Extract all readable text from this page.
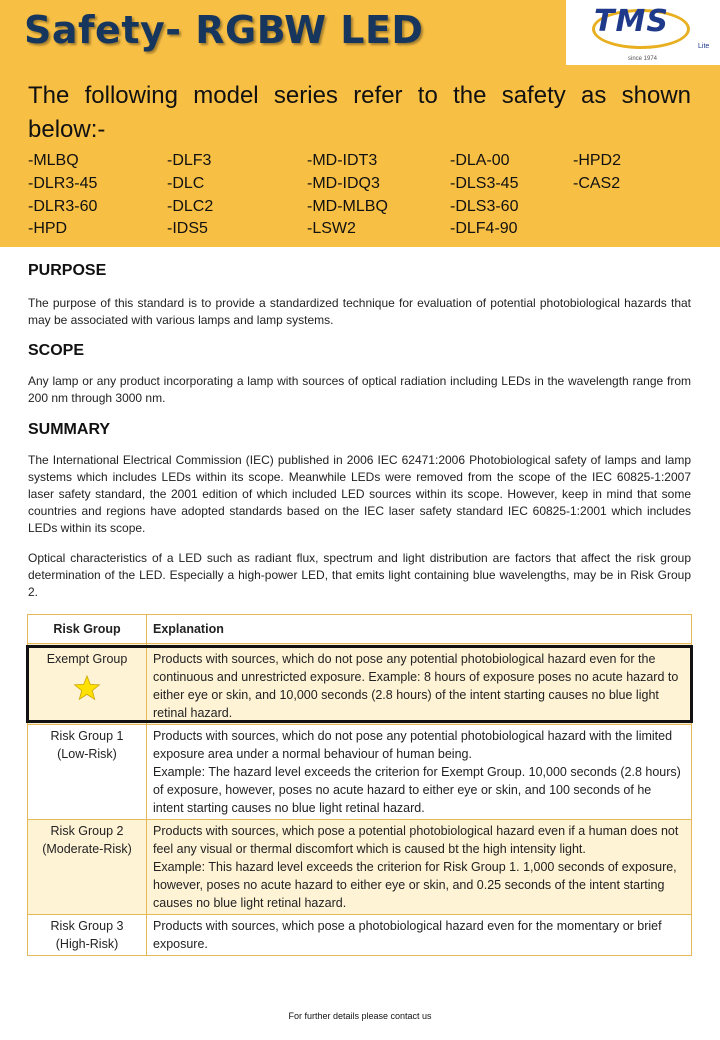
Safety- RGBW LED	TMS
Lite
since 1974
The following model series refer to the safety as shown
below:-
-MLBQ	-DLF3	-MD-IDT3	-DLA-00	-HPD2
-DLR3-45	-DLC	-MD-IDQ3	-DLS3-45	-CAS2
-DLR3-60	-DLC2	-MD-MLBQ	-DLS3-60
-HPD	-IDS5	-LSW2	-DLF4-90
PURPOSE

The purpose of this standard is to provide a standardized technique for evaluation of potential photobiological hazards that may be associated with various lamps and lamp systems.

SCOPE

Any lamp or any product incorporating a lamp with sources of optical radiation including LEDs in the wavelength range from 200 nm through 3000 nm.

SUMMARY

The International Electrical Commission (IEC) published in 2006 IEC 62471:2006 Photobiological safety of lamps and lamp systems which includes LEDs within its scope. Meanwhile LEDs were removed from the scope of the IEC 60825-1:2007 laser safety standard, the 2001 edition of which included LED sources within its scope. However, keep in mind that some countries and regions have adopted standards based on the IEC laser safety standard IEC 60825-1:2001 which includes LEDs within its scope.

Optical characteristics of a LED such as radiant flux, spectrum and light distribution are factors that affect the risk group determination of the LED. Especially a high-power LED, that emits light containing blue wavelengths, may be in Risk Group 2.

Risk Group	Explanation
Exempt Group	Products with sources, which do not pose any potential photobiological hazard even for the continuous and unrestricted exposure. Example: 8 hours of exposure poses no acute hazard to either eye or skin, and 10,000 seconds (2.8 hours) of the intent starting causes no blue light retinal hazard.
Risk Group 1
(Low-Risk)	Products with sources, which do not pose any potential photobiological hazard with the limited exposure area under a normal behaviour of human being.
Example: The hazard level exceeds the criterion for Exempt Group. 10,000 seconds (2.8 hours) of exposure, however, poses no acute hazard to either eye or skin, and 100 seconds of he intent starting causes no blue light retinal hazard.
Risk Group 2
(Moderate-Risk)	Products with sources, which pose a potential photobiological hazard even if a human does not feel any visual or thermal discomfort which is caused bt the high intensity light.
Example: This hazard level exceeds the criterion for Risk Group 1. 1,000 seconds of exposure, however, poses no acute hazard to either eye or skin, and 0.25 seconds of the intent starting causes no blue light retinal hazard.
Risk Group 3
(High-Risk)	Products with sources, which pose a photobiological hazard even for the momentary or brief exposure.
For further details please contact us
